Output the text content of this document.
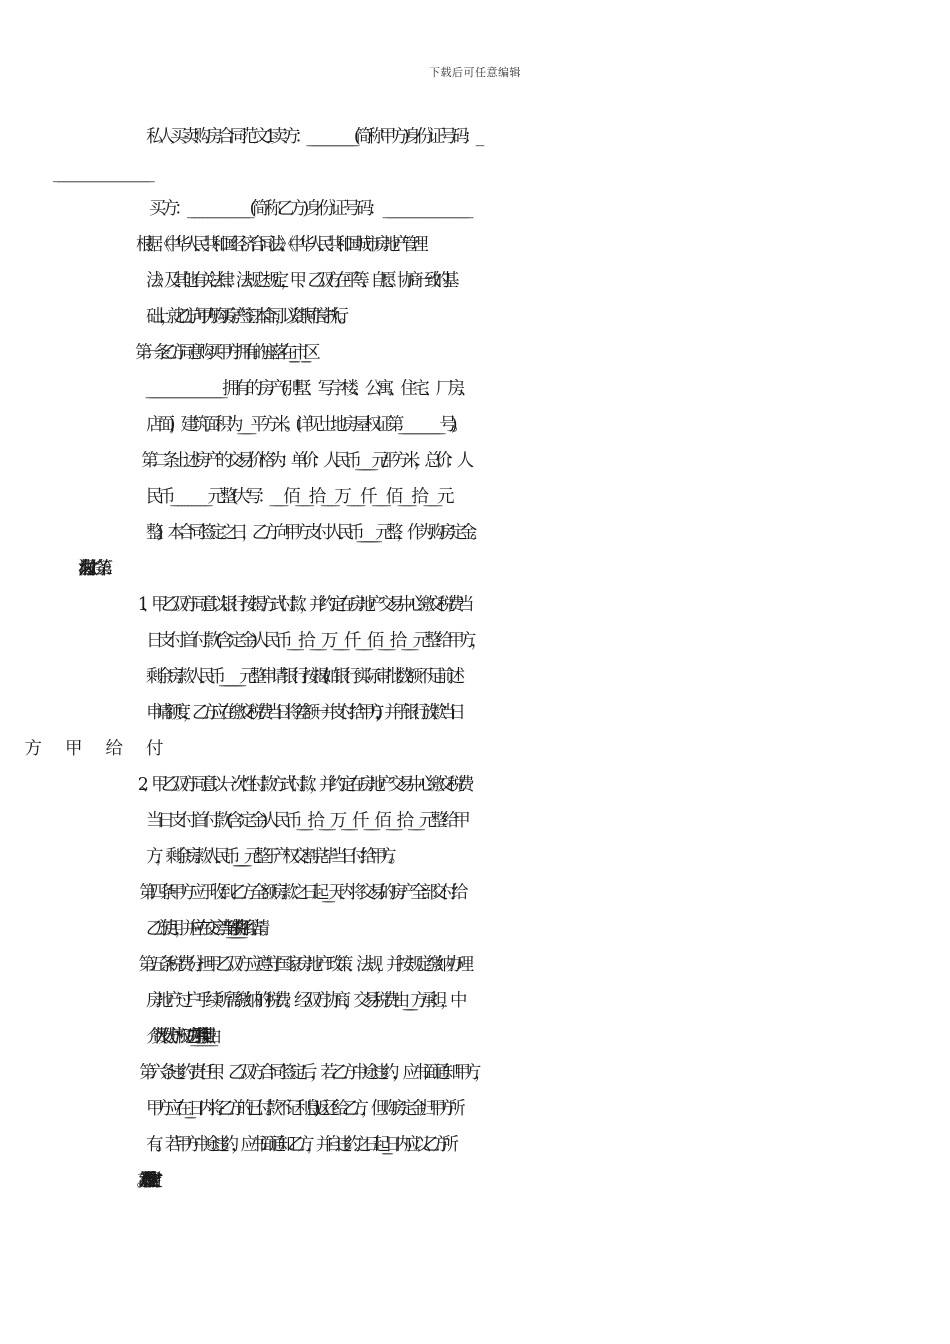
下载后可任意编辑
私人买卖购房合同范文 1        卖方：_______________(简称甲方) 身份证号码：_
买方：________________(简称乙方) 身份证号码：  ______________________
根据《中华人民共和国经济合同法》、《中华人民共和国城市房地产管理
法》及其他有关法律、法规之规定，甲、乙双方在平等、自愿、协商一致的基
础上，就乙方向甲方购买房产签订本合同，以资共同信守执行。
第一条 乙方同意购买甲方拥有的座落在______市_____区
_________________________拥有的房产(别墅、写字楼、公寓、住宅、厂房、
店面)，建筑面积为_____平方米。(详见土地房屋权证第________________号)。
第二条 上述房产的交易价格为：单价：人民币________元/平方米，总价：人
民币___________元整(大写：____佰____拾____万____仟____佰____拾____元
整)。本合同签定之日，乙方向甲方支付人民币 __________元整，作为购房定金。
1、甲乙双方同意以银行按揭方式付款，并约定在房地产交易中心缴交税费当
日支付首付款(含定金)人民币____拾____万____仟____佰____拾____元整给甲方，
剩余房款人民币____________元整申请银行按揭(如银行实际审批数额不足前述
申请额度，乙方应在缴交税费当日将差额一并支付给甲方)，并于银行放款当日
2、甲乙双方同意以一次性付款方式付款，并约定在房地产交易中心缴交税费
当日支付首付款(含定金)人民币____拾____万____仟____佰____拾____元整给甲
方，剩余房款人民币____________元整于产权交割完毕当日付给甲方。
第四条 甲方应于收到乙方全额房款之日起____天内将交易的房产全部交付给
乙方使用，并应在交房当日将_________等费用结清。
第五条 税费分担 甲乙双方应遵守国家房地产政策、法规，并按规定缴纳办理
房地产过户手续所需缴纳的税费。经双方协商，交易税费由_______方承担，中
介费及代办产权过户手续费由______方承担。
第六条 违约责任 甲、乙双方合同签定后，若乙方中途违约，应书面通知甲方，
甲方应在____日内将乙方的已付款不记利息)返还给乙方，但购房定金归甲方所
有。若甲方中途违约，应书面通知乙方，并自违约之日起____日内应以乙方所
